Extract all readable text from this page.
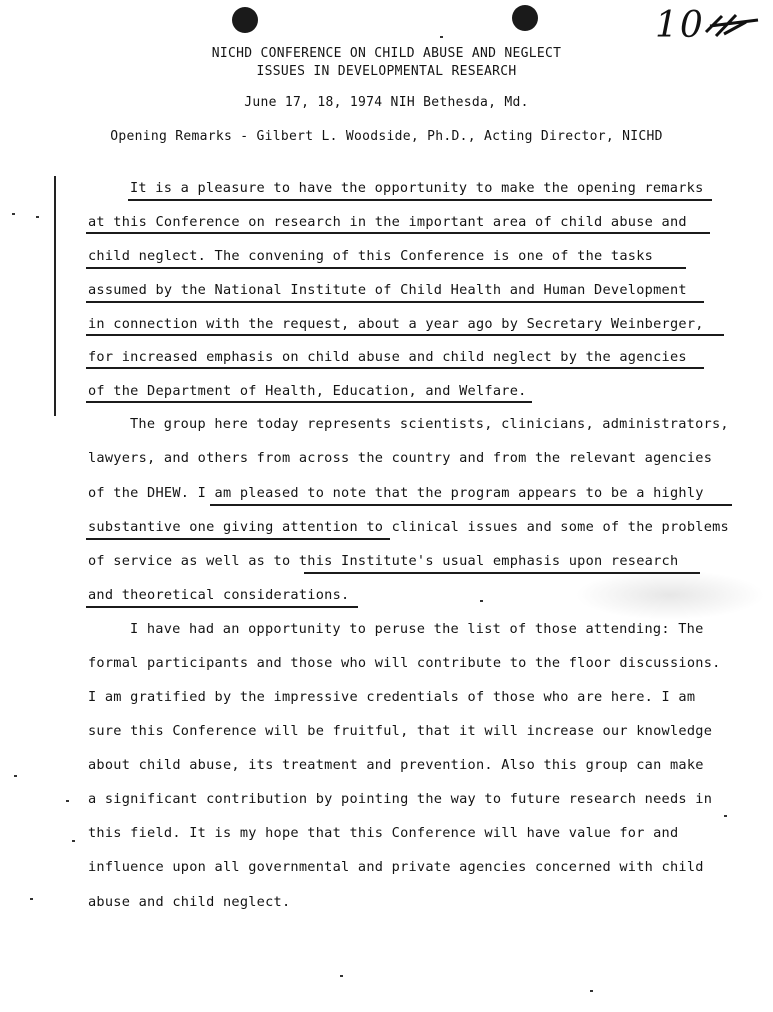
10
NICHD CONFERENCE ON CHILD ABUSE AND NEGLECT
ISSUES IN DEVELOPMENTAL RESEARCH
June 17, 18, 1974 NIH Bethesda, Md.
Opening Remarks - Gilbert L. Woodside, Ph.D., Acting Director, NICHD
It is a pleasure to have the opportunity to make the opening remarks
at this Conference on research in the important area of child abuse and
child neglect. The convening of this Conference is one of the tasks
assumed by the National Institute of Child Health and Human Development
in connection with the request, about a year ago by Secretary Weinberger,
for increased emphasis on child abuse and child neglect by the agencies
of the Department of Health, Education, and Welfare.
The group here today represents scientists, clinicians, administrators,
lawyers, and others from across the country and from the relevant agencies
of the DHEW. I am pleased to note that the program appears to be a highly
substantive one giving attention to clinical issues and some of the problems
of service as well as to this Institute's usual emphasis upon research
and theoretical considerations.
I have had an opportunity to peruse the list of those attending: The
formal participants and those who will contribute to the floor discussions.
I am gratified by the impressive credentials of those who are here. I am
sure this Conference will be fruitful, that it will increase our knowledge
about child abuse, its treatment and prevention. Also this group can make
a significant contribution by pointing the way to future research needs in
this field. It is my hope that this Conference will have value for and
influence upon all governmental and private agencies concerned with child
abuse and child neglect.
